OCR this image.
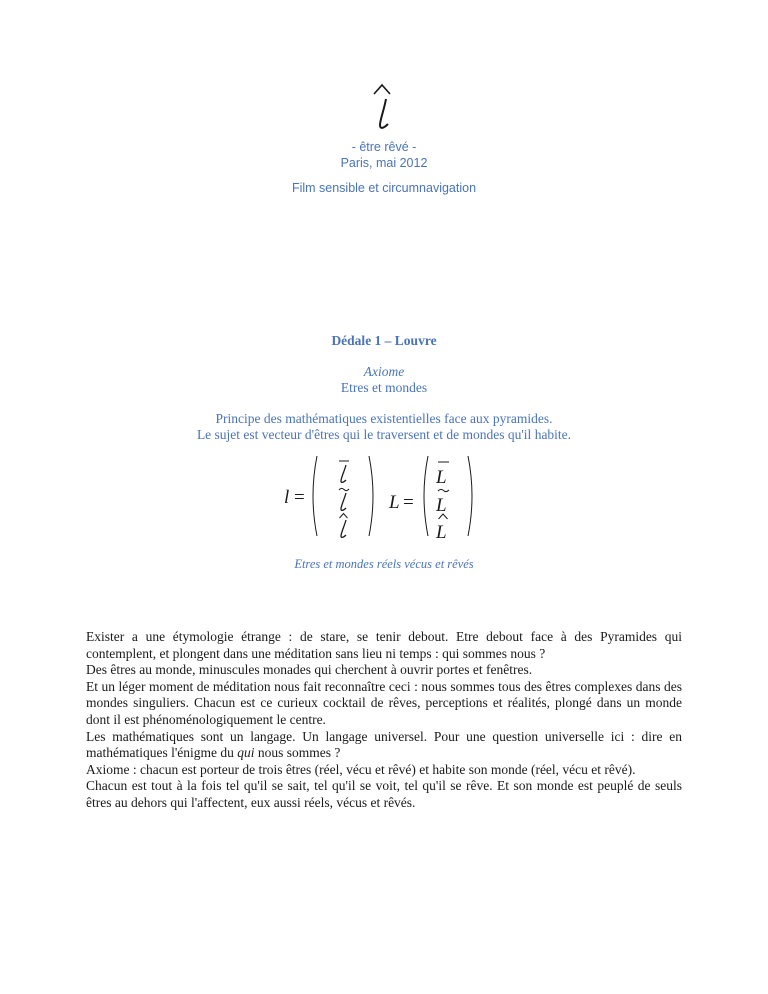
- être rêvé -
Paris, mai 2012
Film sensible et circumnavigation
Dédale 1 – Louvre
Axiome
Etres et mondes
Principe des mathématiques existentielles face aux pyramides.
Le sujet est vecteur d'êtres qui le traversent et de mondes qu'il habite.
l =	L =
L
L
L
Etres et mondes réels vécus et rêvés

Exister a une étymologie étrange : de stare, se tenir debout. Etre debout face à des Pyramides qui contemplent, et plongent dans une méditation sans lieu ni temps : qui sommes nous ?

Des êtres au monde, minuscules monades qui cherchent à ouvrir portes et fenêtres.

Et un léger moment de méditation nous fait reconnaître ceci : nous sommes tous des êtres complexes dans des mondes singuliers. Chacun est ce curieux cocktail de rêves, perceptions et réalités, plongé dans un monde dont il est phénoménologiquement le centre.

Les mathématiques sont un langage. Un langage universel. Pour une question universelle ici : dire en mathématiques l'énigme du qui nous sommes ?

Axiome : chacun est porteur de trois êtres (réel, vécu et rêvé) et habite son monde (réel, vécu et rêvé).

Chacun est tout à la fois tel qu'il se sait, tel qu'il se voit, tel qu'il se rêve. Et son monde est peuplé de seuls êtres au dehors qui l'affectent, eux aussi réels, vécus et rêvés.
